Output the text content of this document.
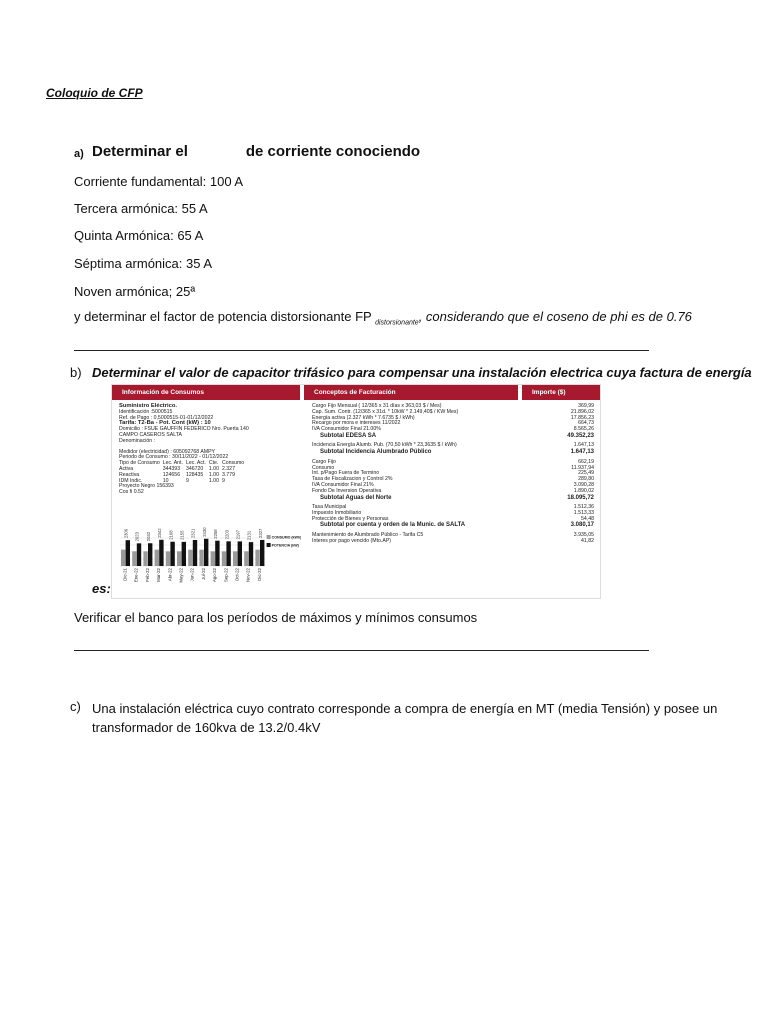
Coloquio de CFP
a) Determinar el	de corriente conociendo
Corriente fundamental: 100 A
Tercera armónica: 55 A
Quinta Armónica: 65 A
Séptima armónica: 35 A
Noven armónica; 25ª
y determinar el factor de potencia distorsionante FP $_{distorsionante}$, considerando que el coseno de phi es de 0.76
b) Determinar el valor de capacitor trifásico para compensar una instalación electrica cuya factura de energía
Información de Consumos	Conceptos de Facturación	Importe ($)
Suministro Eléctrico.
Identificación :5000515
Ref. de Pago : 0,5000515-01-01/12/2022
Tarifa: T2-Ba - Pot. Cont (kW) : 10
Domicilio : FSUE GAUFFIN FEDERICO Nro. Puerta 140
CAMPO CASEROS SALTA
Denominación :
Medidor (electricidad) : 605092768 AMPY
Periodo de Consumo : 30/11/2022 - 01/12/2022
Tipo de Consumo	Lec. Ant.	Lec. Act.	Cte.	Consumo
Activa	344393	346720	1.00	2.327
Reactiva	124656	128435	1.00	3.779
IDM Indic.	10	9	1.00	9
Proyecto Negro 156393
Cos fi 0.52
Cargo Fijo Mensual ( 12/365 x 31 días x 363,03 $ / Mes)	369,99
Cap. Sum. Contr. (12/365 x 31d. * 10kW * 2.149,40$ / KW Mes)	21.896,02
Energía activa (2.327 kWh * 7.6735 $ / kWh)	17.856,23
Recargo por mora e intereses 11/2022	664,73
IVA Consumidor Final 21.00%	8.565,26
Subtotal EDESA SA	49.352,23
Incidencia Energía Alumb. Pub. (70,50 kWh * 23,3635 $ / kWh)	1.647,13
Subtotal Incidencia Alumbrado Público	1.647,13
Cargo Fijo	662,19
Consumo	11.937,94
Int. p/Pago Fuera de Termino	225,49
Tasa de Fiscalizacion y Control 2%	289,80
IVA Consumidor Final 21%	3.090,28
Fondo De Inversion Operativa	1.890,02
Subtotal Aguas del Norte	18.095,72
Tasa Municipal	1.512,36
Impuesto Inmobiliario	1.513,33
Protección de Bienes y Personas	54,48
Subtotal por cuenta y orden de la Munic. de SALTA	3.080,17
Mantenimiento de Alumbrado Público - Tarifa C5	3.935,05
Interes por pago vencido (Mto.AP)	41,82
2306
Dic-21
2023
Ene-22
2032
Feb-22
2342
Mar-22
2168
Abr-22
2155
May-22
2321
Jun-22
2430
Jul-22
2258
Ago-22
2203
Sep-22
2197
Oct-22
2131
Nov-22
2327
Dic-22
CONSUMO (kWh)
POTENCIA (kW)
es:
Verificar el banco para los períodos de máximos y mínimos consumos
c) Una instalación eléctrica cuyo contrato corresponde a compra de energía en MT (media Tensión) y posee un transformador de 160kva de 13.2/0.4kV
